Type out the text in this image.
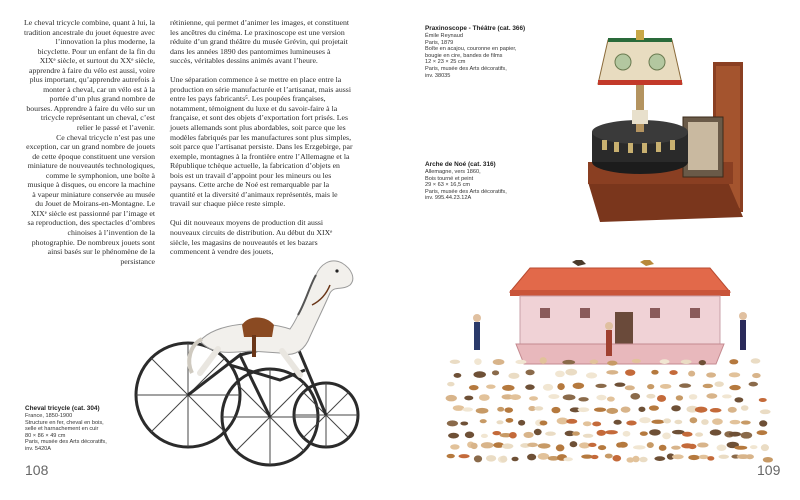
Le cheval tricycle combine, quant à lui, la tradition ancestrale du jouet équestre avec l’innovation la plus moderne, la bicyclette. Pour un enfant de la fin du XIXᵉ siècle, et surtout du XXᵉ siècle, apprendre à faire du vélo est aussi, voire plus important, qu’apprendre autrefois à monter à cheval, car un vélo est à la portée d’un plus grand nombre de bourses. Apprendre à faire du vélo sur un tricycle représentant un cheval, c’est relier le passé et l’avenir.

Ce cheval tricycle n’est pas une exception, car un grand nombre de jouets de cette époque constituent une version miniature de nouveautés technologiques, comme le symphonion, une boîte à musique à disques, ou encore la machine à vapeur miniature conservée au musée du Jouet de Moirans-en-Montagne. Le XIXᵉ siècle est passionné par l’image et sa reproduction, des spectacles d’ombres chinoises à l’invention de la photographie. De nombreux jouets sont ainsi basés sur le phénomène de la persistance

rétinienne, qui permet d’animer les images, et constituent les ancêtres du cinéma. Le praxinoscope est une version réduite d’un grand théâtre du musée Grévin, qui projetait dans les années 1890 des pantomimes lumineuses à succès, véritables dessins animés avant l’heure.

Une séparation commence à se mettre en place entre la production en série manufacturée et l’artisanat, mais aussi entre les pays fabricants⁵. Les poupées françaises, notamment, témoignent du luxe et du savoir-faire à la française, et sont des objets d’exportation fort prisés. Les jouets allemands sont plus abordables, soit parce que les modèles fabriqués par les manufactures sont plus simples, soit parce que l’artisanat persiste. Dans les Erzgebirge, par exemple, montagnes à la frontière entre l’Allemagne et la République tchèque actuelle, la fabrication d’objets en bois est un travail d’appoint pour les mineurs ou les paysans. Cette arche de Noé est remarquable par la quantité et la diversité d’animaux représentés, mais le travail sur chaque pièce reste simple.

Qui dit nouveaux moyens de production dit aussi nouveaux circuits de distribution. Au début du XIXᵉ siècle, les magasins de nouveautés et les bazars commencent à vendre des jouets,

Cheval tricycle (cat. 304)
France, 1850-1900
Structure en fer, cheval en bois,
selle et harnachement en cuir
80 × 86 × 49 cm
Paris, musée des Arts décoratifs,
inv. 5420A
108
Praxinoscope - Théâtre (cat. 366)
Émile Reynaud
Paris, 1879
Boîte en acajou, couronne en papier,
bougie en cire, bandes de films
12 × 23 × 25 cm
Paris, musée des Arts décoratifs,
inv. 38035
Arche de Noé (cat. 316)
Allemagne, vers 1860,
Bois tourné et peint
29 × 63 × 16,5 cm
Paris, musée des Arts décoratifs,
inv. 995.44.23.12A
109
